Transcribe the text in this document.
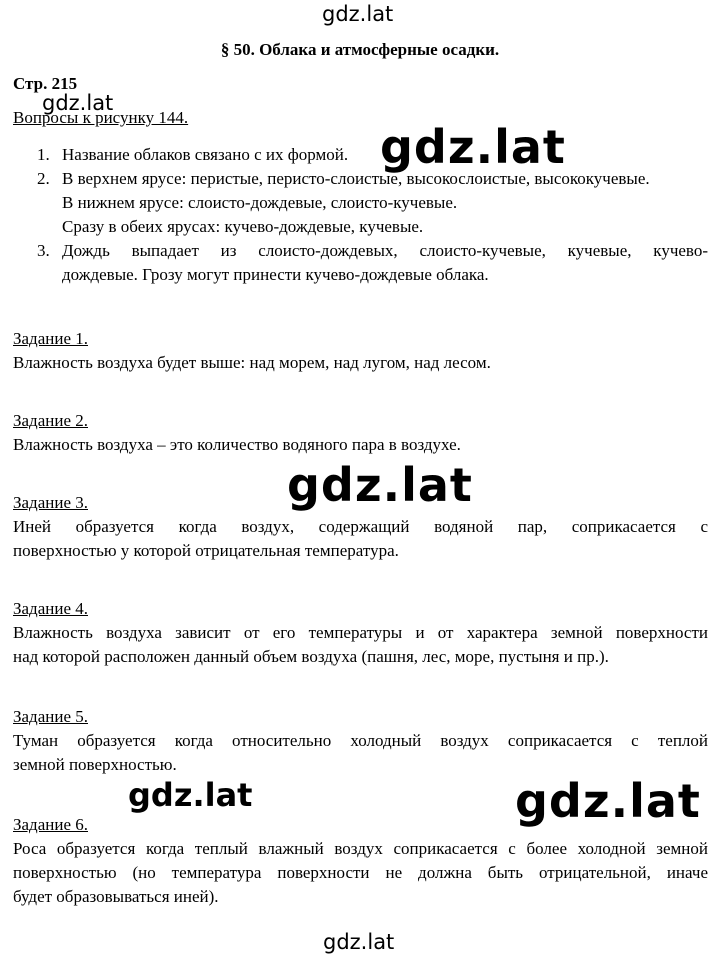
gdz.lat
§ 50. Облака и атмосферные осадки.
Стр. 215
gdz.lat
Вопросы к рисунку 144.
1. Название облаков связано с их формой.
2. В верхнем ярусе: перистые, перисто-слоистые, высокослоистые, высококучевые.
В нижнем ярусе: слоисто-дождевые, слоисто-кучевые.
Сразу в обеих ярусах: кучево-дождевые, кучевые.
3. Дождь выпадает из слоисто-дождевых, слоисто-кучевые, кучевые, кучево-
дождевые. Грозу могут принести кучево-дождевые облака.
gdz.lat
Задание 1.
Влажность воздуха будет выше: над морем, над лугом, над лесом.
Задание 2.
Влажность воздуха – это количество водяного пара в воздухе.
gdz.lat
Задание 3.
Иней образуется когда воздух, содержащий водяной пар, соприкасается с
поверхностью у которой отрицательная температура.
Задание 4.
Влажность воздуха зависит от его температуры и от характера земной поверхности
над которой расположен данный объем воздуха (пашня, лес, море, пустыня и пр.).
Задание 5.
Туман образуется когда относительно холодный воздух соприкасается с теплой
земной поверхностью.
gdz.lat	gdz.lat
Задание 6.
Роса образуется когда теплый влажный воздух соприкасается с более холодной земной
поверхностью (но температура поверхности не должна быть отрицательной, иначе
будет образовываться иней).
gdz.lat
